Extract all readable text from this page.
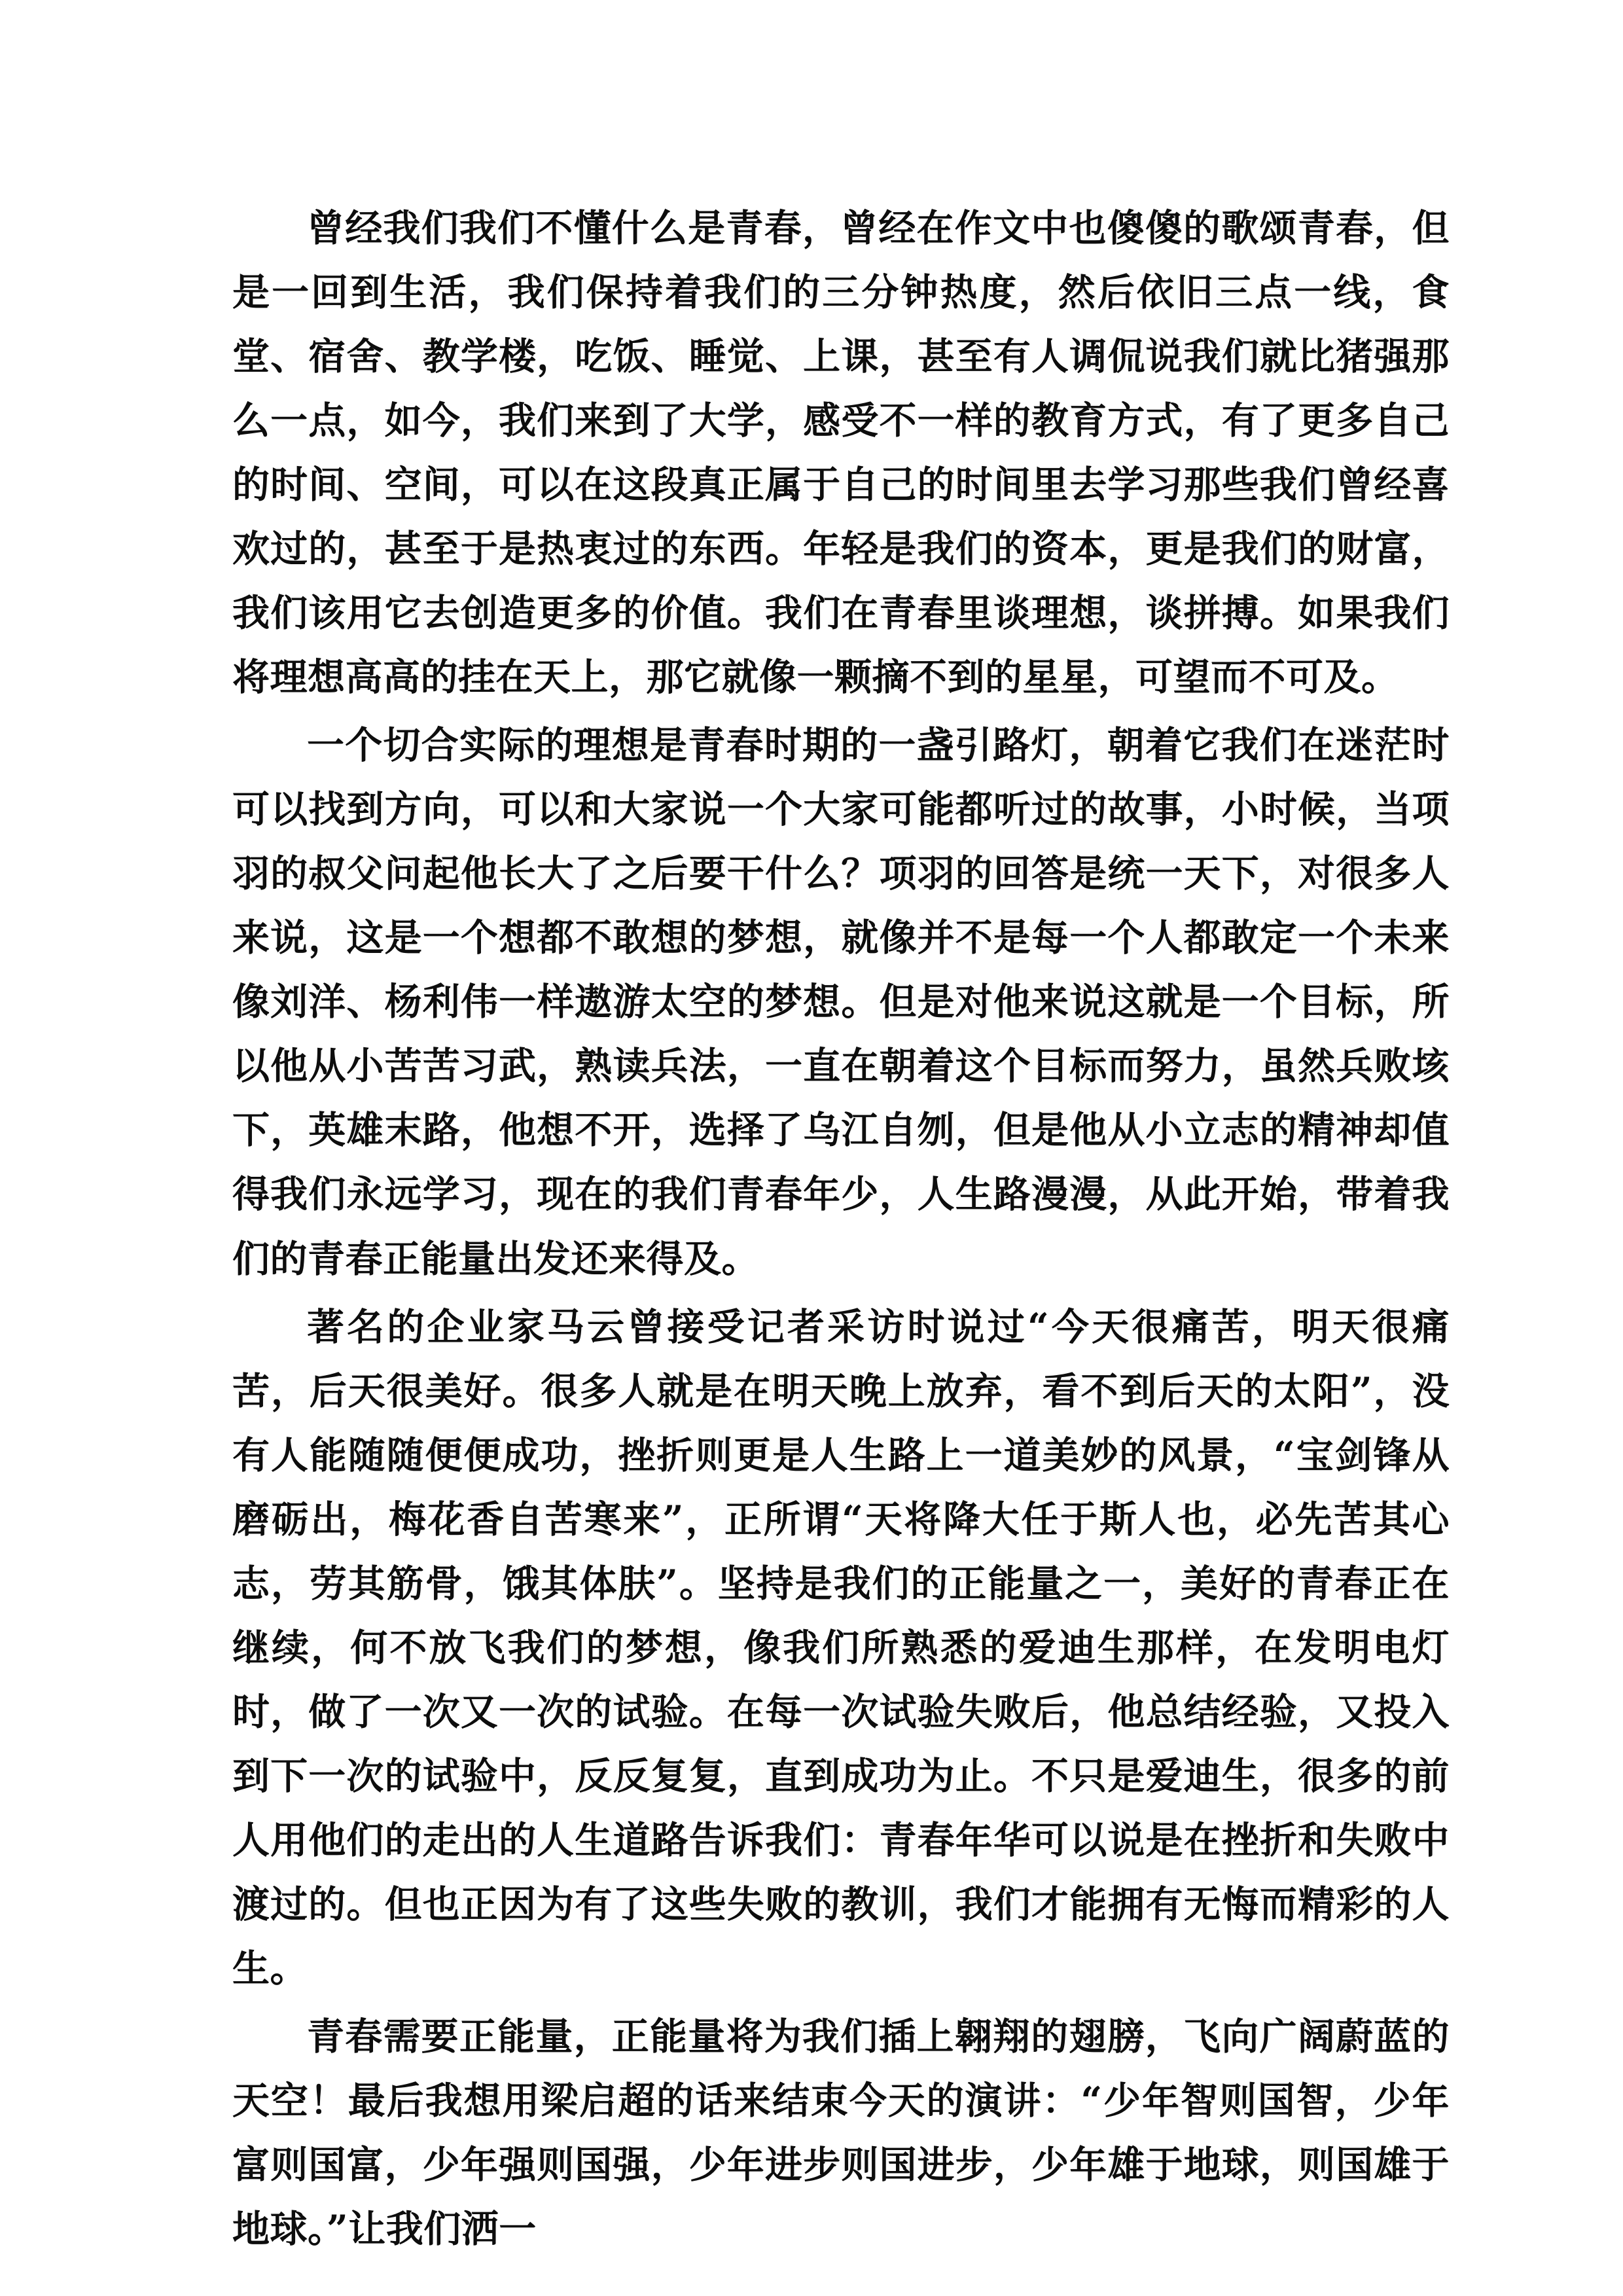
曾经我们我们不懂什么是青春，曾经在作文中也傻傻的歌颂青春，但是一回到生活，我们保持着我们的三分钟热度，然后依旧三点一线，食堂、宿舍、教学楼，吃饭、睡觉、上课，甚至有人调侃说我们就比猪强那么一点，如今，我们来到了大学，感受不一样的教育方式，有了更多自己的时间、空间，可以在这段真正属于自己的时间里去学习那些我们曾经喜欢过的，甚至于是热衷过的东西。年轻是我们的资本，更是我们的财富，我们该用它去创造更多的价值。我们在青春里谈理想，谈拼搏。如果我们将理想高高的挂在天上，那它就像一颗摘不到的星星，可望而不可及。

一个切合实际的理想是青春时期的一盏引路灯，朝着它我们在迷茫时可以找到方向，可以和大家说一个大家可能都听过的故事，小时候，当项羽的叔父问起他长大了之后要干什么？项羽的回答是统一天下，对很多人来说，这是一个想都不敢想的梦想，就像并不是每一个人都敢定一个未来像刘洋、杨利伟一样遨游太空的梦想。但是对他来说这就是一个目标，所以他从小苦苦习武，熟读兵法，一直在朝着这个目标而努力，虽然兵败垓下，英雄末路，他想不开，选择了乌江自刎，但是他从小立志的精神却值得我们永远学习，现在的我们青春年少，人生路漫漫，从此开始，带着我们的青春正能量出发还来得及。

著名的企业家马云曾接受记者采访时说过“今天很痛苦，明天很痛苦，后天很美好。很多人就是在明天晚上放弃，看不到后天的太阳”，没有人能随随便便成功，挫折则更是人生路上一道美妙的风景，“宝剑锋从磨砺出，梅花香自苦寒来”，正所谓“天将降大任于斯人也，必先苦其心志，劳其筋骨，饿其体肤”。坚持是我们的正能量之一，美好的青春正在继续，何不放飞我们的梦想，像我们所熟悉的爱迪生那样，在发明电灯时，做了一次又一次的试验。在每一次试验失败后，他总结经验，又投入到下一次的试验中，反反复复，直到成功为止。不只是爱迪生，很多的前人用他们的走出的人生道路告诉我们：青春年华可以说是在挫折和失败中渡过的。但也正因为有了这些失败的教训，我们才能拥有无悔而精彩的人生。

青春需要正能量，正能量将为我们插上翱翔的翅膀，飞向广阔蔚蓝的天空！最后我想用梁启超的话来结束今天的演讲：“少年智则国智，少年富则国富，少年强则国强，少年进步则国进步，少年雄于地球，则国雄于地球。”让我们洒一
